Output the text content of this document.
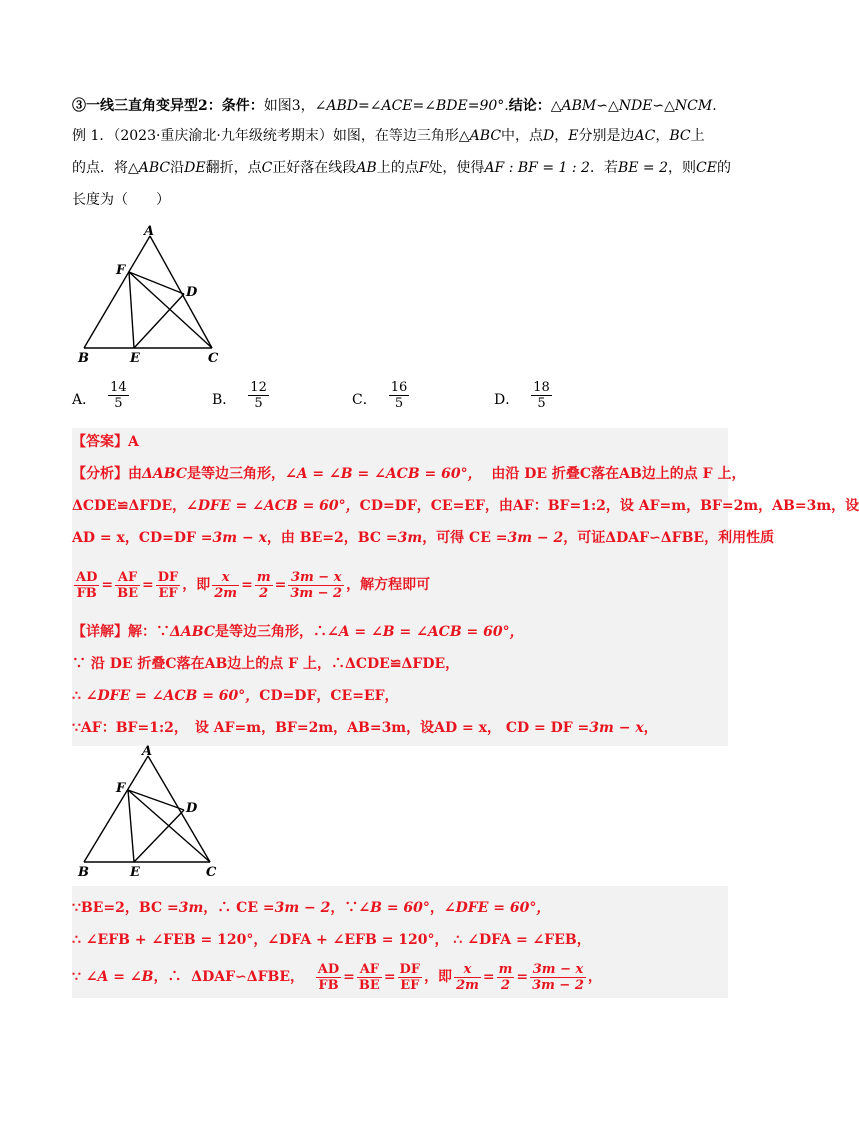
③一线三直角变异型2：条件：如图3，∠ABD=∠ACE=∠BDE=90°.结论：△ABM∽△NDE∽△NCM.
例 1．（2023·重庆渝北·九年级统考期末）如图，在等边三角形△ABC中，点D，E分别是边AC，BC上
的点．将△ABC沿DE翻折，点C正好落在线段AB上的点F处，使得AF : BF = 1 : 2．若BE = 2，则CE的
长度为（　　）
A
F
D
B	E	C
A． $\frac{14}{5}$	B． $\frac{12}{5}$	C． $\frac{16}{5}$	D． $\frac{18}{5}$
【答案】A
【分析】由ΔABC是等边三角形，∠A = ∠B = ∠ACB = 60°， 由沿 DE 折叠C落在AB边上的点 F 上，
ΔCDE≌ΔFDE，∠DFE = ∠ACB = 60°，CD=DF，CE=EF，由AF：BF=1:2，设 AF=m，BF=2m，AB=3m，设
AD = x，CD=DF =3m − x，由 BE=2，BC =3m，可得 CE =3m − 2，可证ΔDAF∽ΔFBE，利用性质
$\frac{AD}{FB} = \frac{AF}{BE} = \frac{DF}{EF}$ ，即 $\frac{x}{2m} = \frac{m}{2} = \frac{3m - x}{3m - 2}$ ，解方程即可
【详解】解：∵ΔABC是等边三角形，∴∠A = ∠B = ∠ACB = 60°，
∵ 沿 DE 折叠C落在AB边上的点 F 上，∴ΔCDE≌ΔFDE，
∴ ∠DFE = ∠ACB = 60°，CD=DF，CE=EF，
∵AF：BF=1:2，　设 AF=m，BF=2m，AB=3m，设AD = x， CD = DF =3m − x，
A
F
D
B	E	C
∵BE=2，BC =3m，∴ CE =3m − 2，∵∠B = 60°，∠DFE = 60°，
∴ ∠EFB + ∠FEB = 120°，∠DFA + ∠EFB = 120°， ∴ ∠DFA = ∠FEB，
∵ ∠A = ∠B，∴ ΔDAF∽ΔFBE， $\frac{AD}{FB} = \frac{AF}{BE} = \frac{DF}{EF}$ ，即 $\frac{x}{2m} = \frac{m}{2} = \frac{3m - x}{3m - 2}$ ，
